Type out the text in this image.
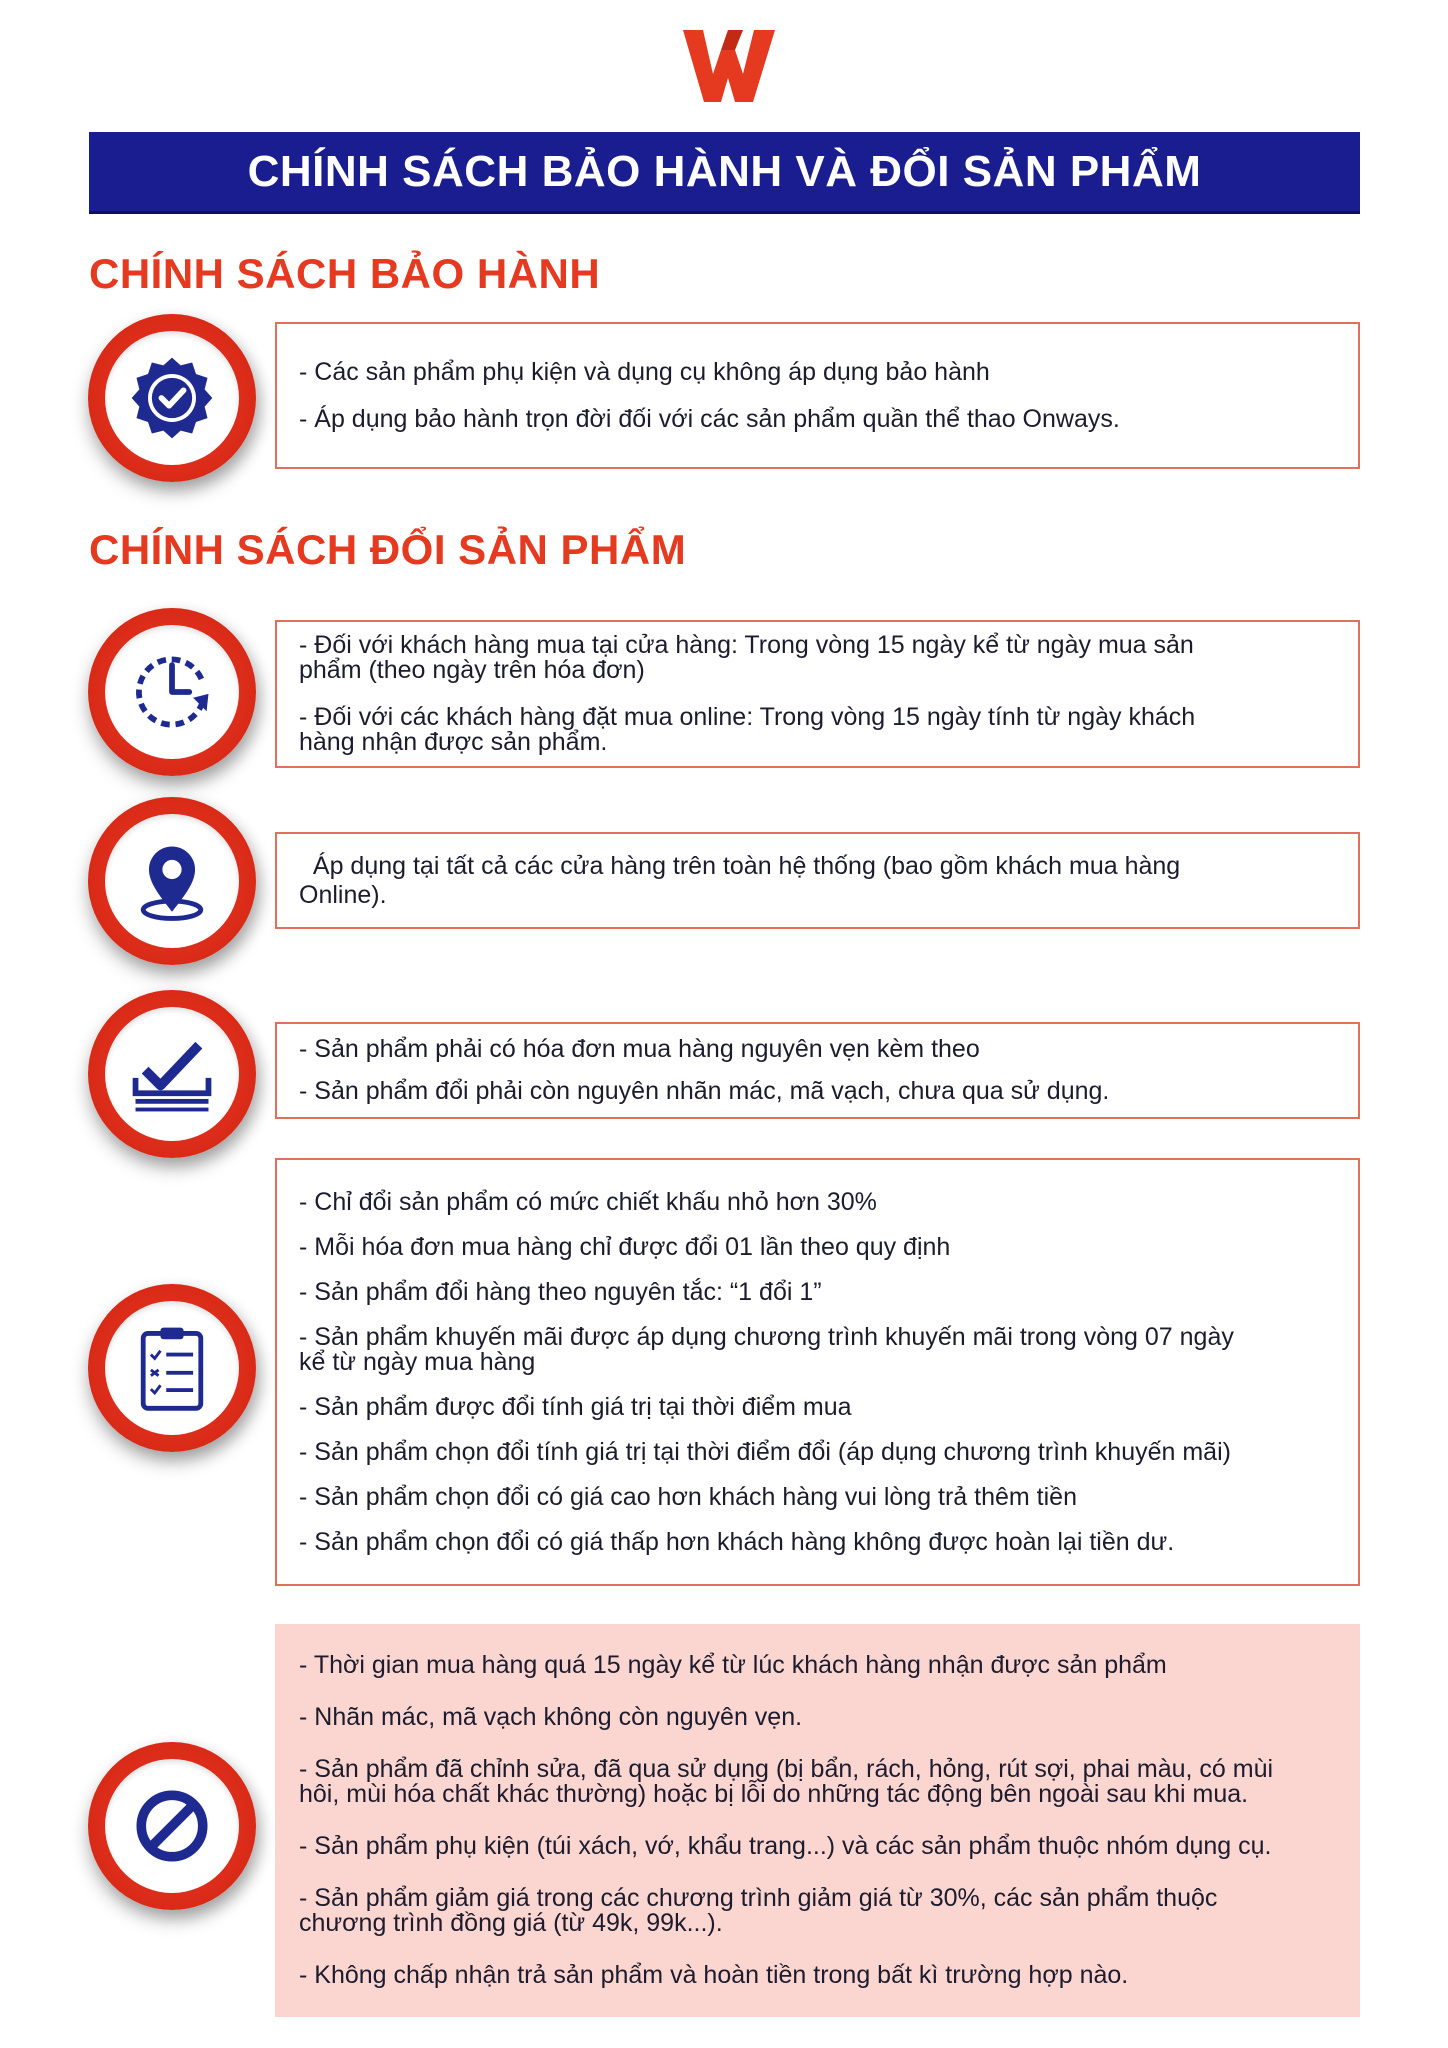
CHÍNH SÁCH BẢO HÀNH VÀ ĐỔI SẢN PHẨM
CHÍNH SÁCH BẢO HÀNH
- Các sản phẩm phụ kiện và dụng cụ không áp dụng bảo hành
- Áp dụng bảo hành trọn đời đối với các sản phẩm quần thể thao Onways.
CHÍNH SÁCH ĐỔI SẢN PHẨM
- Đối với khách hàng mua tại cửa hàng: Trong vòng 15 ngày kể từ ngày mua sản
phẩm (theo ngày trên hóa đơn)
- Đối với các khách hàng đặt mua online: Trong vòng 15 ngày tính từ ngày khách
hàng nhận được sản phẩm.
Áp dụng tại tất cả các cửa hàng trên toàn hệ thống (bao gồm khách mua hàng
Online).
- Sản phẩm phải có hóa đơn mua hàng nguyên vẹn kèm theo
- Sản phẩm đổi phải còn nguyên nhãn mác, mã vạch, chưa qua sử dụng.
- Chỉ đổi sản phẩm có mức chiết khấu nhỏ hơn 30%
- Mỗi hóa đơn mua hàng chỉ được đổi 01 lần theo quy định
- Sản phẩm đổi hàng theo nguyên tắc: “1 đổi 1”
- Sản phẩm khuyến mãi được áp dụng chương trình khuyến mãi trong vòng 07 ngày
kể từ ngày mua hàng
- Sản phẩm được đổi tính giá trị tại thời điểm mua
- Sản phẩm chọn đổi tính giá trị tại thời điểm đổi (áp dụng chương trình khuyến mãi)
- Sản phẩm chọn đổi có giá cao hơn khách hàng vui lòng trả thêm tiền
- Sản phẩm chọn đổi có giá thấp hơn khách hàng không được hoàn lại tiền dư.
- Thời gian mua hàng quá 15 ngày kể từ lúc khách hàng nhận được sản phẩm
- Nhãn mác, mã vạch không còn nguyên vẹn.
- Sản phẩm đã chỉnh sửa, đã qua sử dụng (bị bẩn, rách, hỏng, rút sợi, phai màu, có mùi
hôi, mùi hóa chất khác thường) hoặc bị lỗi do những tác động bên ngoài sau khi mua.
- Sản phẩm phụ kiện (túi xách, vớ, khẩu trang...) và các sản phẩm thuộc nhóm dụng cụ.
- Sản phẩm giảm giá trong các chương trình giảm giá từ 30%, các sản phẩm thuộc
chương trình đồng giá (từ 49k, 99k...).
- Không chấp nhận trả sản phẩm và hoàn tiền trong bất kì trường hợp nào.
